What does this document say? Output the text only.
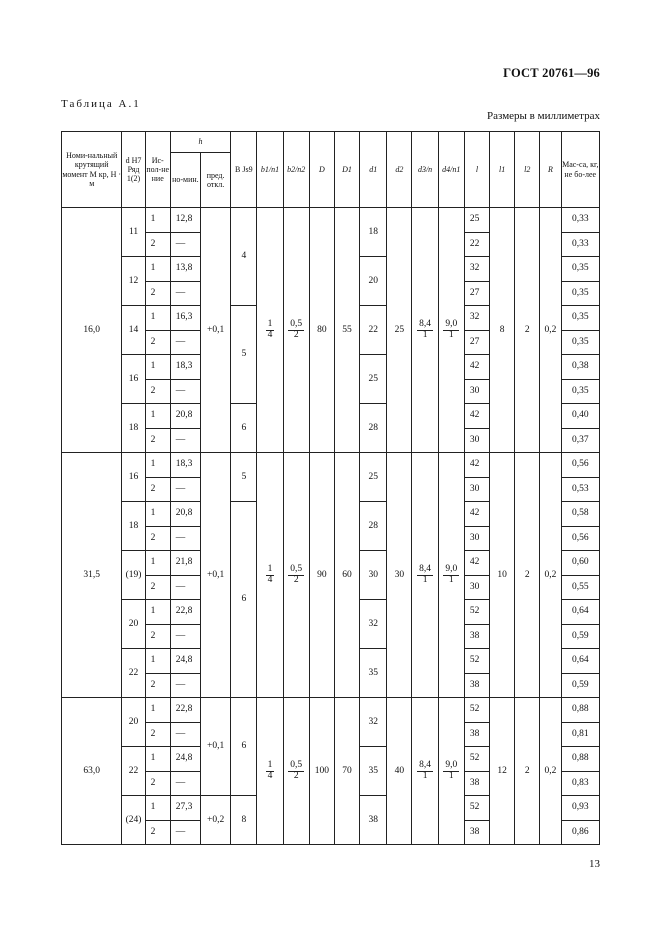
ГОСТ 20761—96
Таблица А.1
Размеры в миллиметрах
Номи-нальный крутящий момент М кр, Н · м	d Н7 Ряд 1(2)	Ис-пол-не ние	h		B Js9	b1/n1	b2/n2	D	D1	d1	d2	d3/n	d4/n1	l	l1	l2	R	Мас-са, кг, не бо-лее
			но-мин.	пред. откл.														
16,0	11	1	12,8	+0,1	4	$\frac{1}{4}$	$\frac{0,5}{2}$	80	55	18	25	$\frac{8,4}{1}$	$\frac{9,0}{1}$	25	8	2	0,2	0,33
		2	—											22				0,33
	12	1	13,8							20				32				0,35
		2	—											27				0,35
	14	1	16,3		5					22				32				0,35
		2	—											27				0,35
	16	1	18,3							25				42				0,38
		2	—											30				0,35
	18	1	20,8		6					28				42				0,40
		2	—											30				0,37
31,5	16	1	18,3	+0,1	5	$\frac{1}{4}$	$\frac{0,5}{2}$	90	60	25	30	$\frac{8,4}{1}$	$\frac{9,0}{1}$	42	10	2	0,2	0,56
		2	—											30				0,53
	18	1	20,8		6					28				42				0,58
		2	—											30				0,56
	(19)	1	21,8							30				42				0,60
		2	—											30				0,55
	20	1	22,8							32				52				0,64
		2	—											38				0,59
	22	1	24,8							35				52				0,64
		2	—											38				0,59
63,0	20	1	22,8	+0,1	6	$\frac{1}{4}$	$\frac{0,5}{2}$	100	70	32	40	$\frac{8,4}{1}$	$\frac{9,0}{1}$	52	12	2	0,2	0,88
		2	—											38				0,81
	22	1	24,8							35				52				0,88
		2	—											38				0,83
	(24)	1	27,3	+0,2	8					38				52				0,93
		2	—											38				0,86
13
